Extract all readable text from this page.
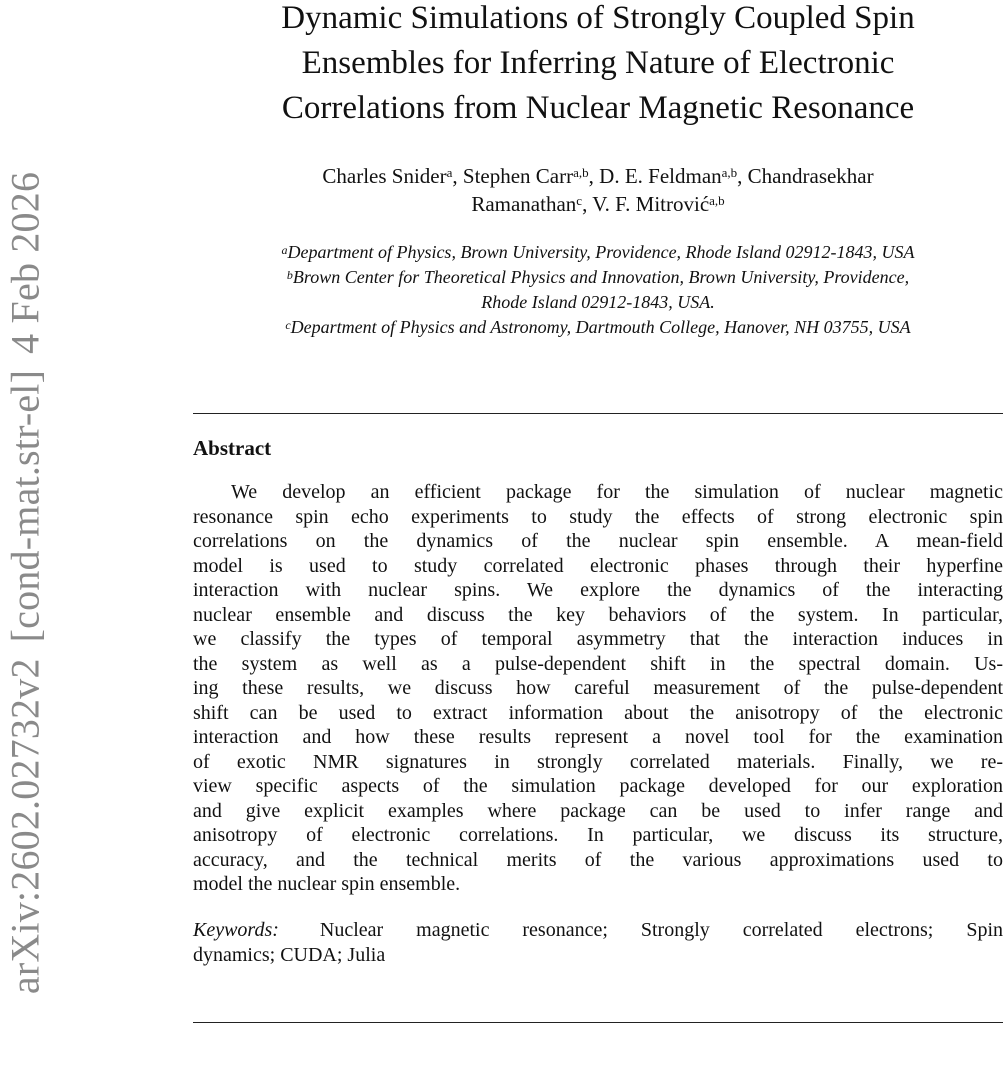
arXiv:2602.02732v2[cond-mat.str-el]4 Feb 2026
Dynamic Simulations of Strongly Coupled Spin
Ensembles for Inferring Nature of Electronic
Correlations from Nuclear Magnetic Resonance
Charles Snider$^a$, Stephen Carr$^{a,b}$, D. E. Feldman$^{a,b}$, Chandrasekhar
Ramanathan$^c$, V. F. Mitrović$^{a,b}$
$^a$Department of Physics, Brown University, Providence, Rhode Island 02912-1843, USA
$^b$Brown Center for Theoretical Physics and Innovation, Brown University, Providence,
Rhode Island 02912-1843, USA.
$^c$Department of Physics and Astronomy, Dartmouth College, Hanover, NH 03755, USA
Abstract
We develop an efficient package for the simulation of nuclear magnetic
resonance spin echo experiments to study the effects of strong electronic spin
correlations on the dynamics of the nuclear spin ensemble. A mean-field
model is used to study correlated electronic phases through their hyperfine
interaction with nuclear spins. We explore the dynamics of the interacting
nuclear ensemble and discuss the key behaviors of the system. In particular,
we classify the types of temporal asymmetry that the interaction induces in
the system as well as a pulse-dependent shift in the spectral domain. Us-
ing these results, we discuss how careful measurement of the pulse-dependent
shift can be used to extract information about the anisotropy of the electronic
interaction and how these results represent a novel tool for the examination
of exotic NMR signatures in strongly correlated materials. Finally, we re-
view specific aspects of the simulation package developed for our exploration
and give explicit examples where package can be used to infer range and
anisotropy of electronic correlations. In particular, we discuss its structure,
accuracy, and the technical merits of the various approximations used to
model the nuclear spin ensemble.
Keywords: Nuclear magnetic resonance; Strongly correlated electrons; Spin
dynamics; CUDA; Julia
